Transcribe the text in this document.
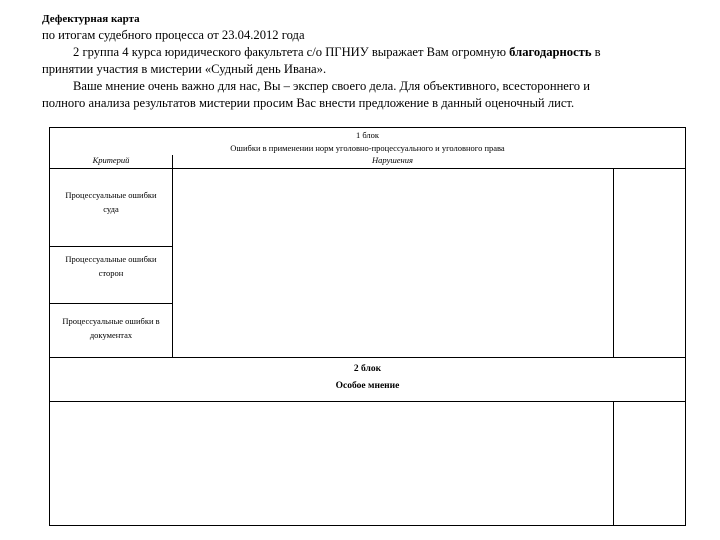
Дефектурная карта
по итогам судебного процесса от 23.04.2012 года
2 группа 4 курса юридического факультета с/о ПГНИУ выражает Вам огромную благодарность в
принятии участия в мистерии «Судный день Ивана».
Ваше мнение очень важно для нас, Вы – экспер своего дела. Для объективного, всестороннего и
полного анализа результатов мистерии просим Вас внести предложение в данный оценочный лист.
1 блок
Ошибки в применении норм уголовно-процессуального и уголовного права
Критерий	Нарушения
Процессуальные ошибки
суда
Процессуальные ошибки
сторон
Процессуальные ошибки в
документах
2 блок
Особое мнение
